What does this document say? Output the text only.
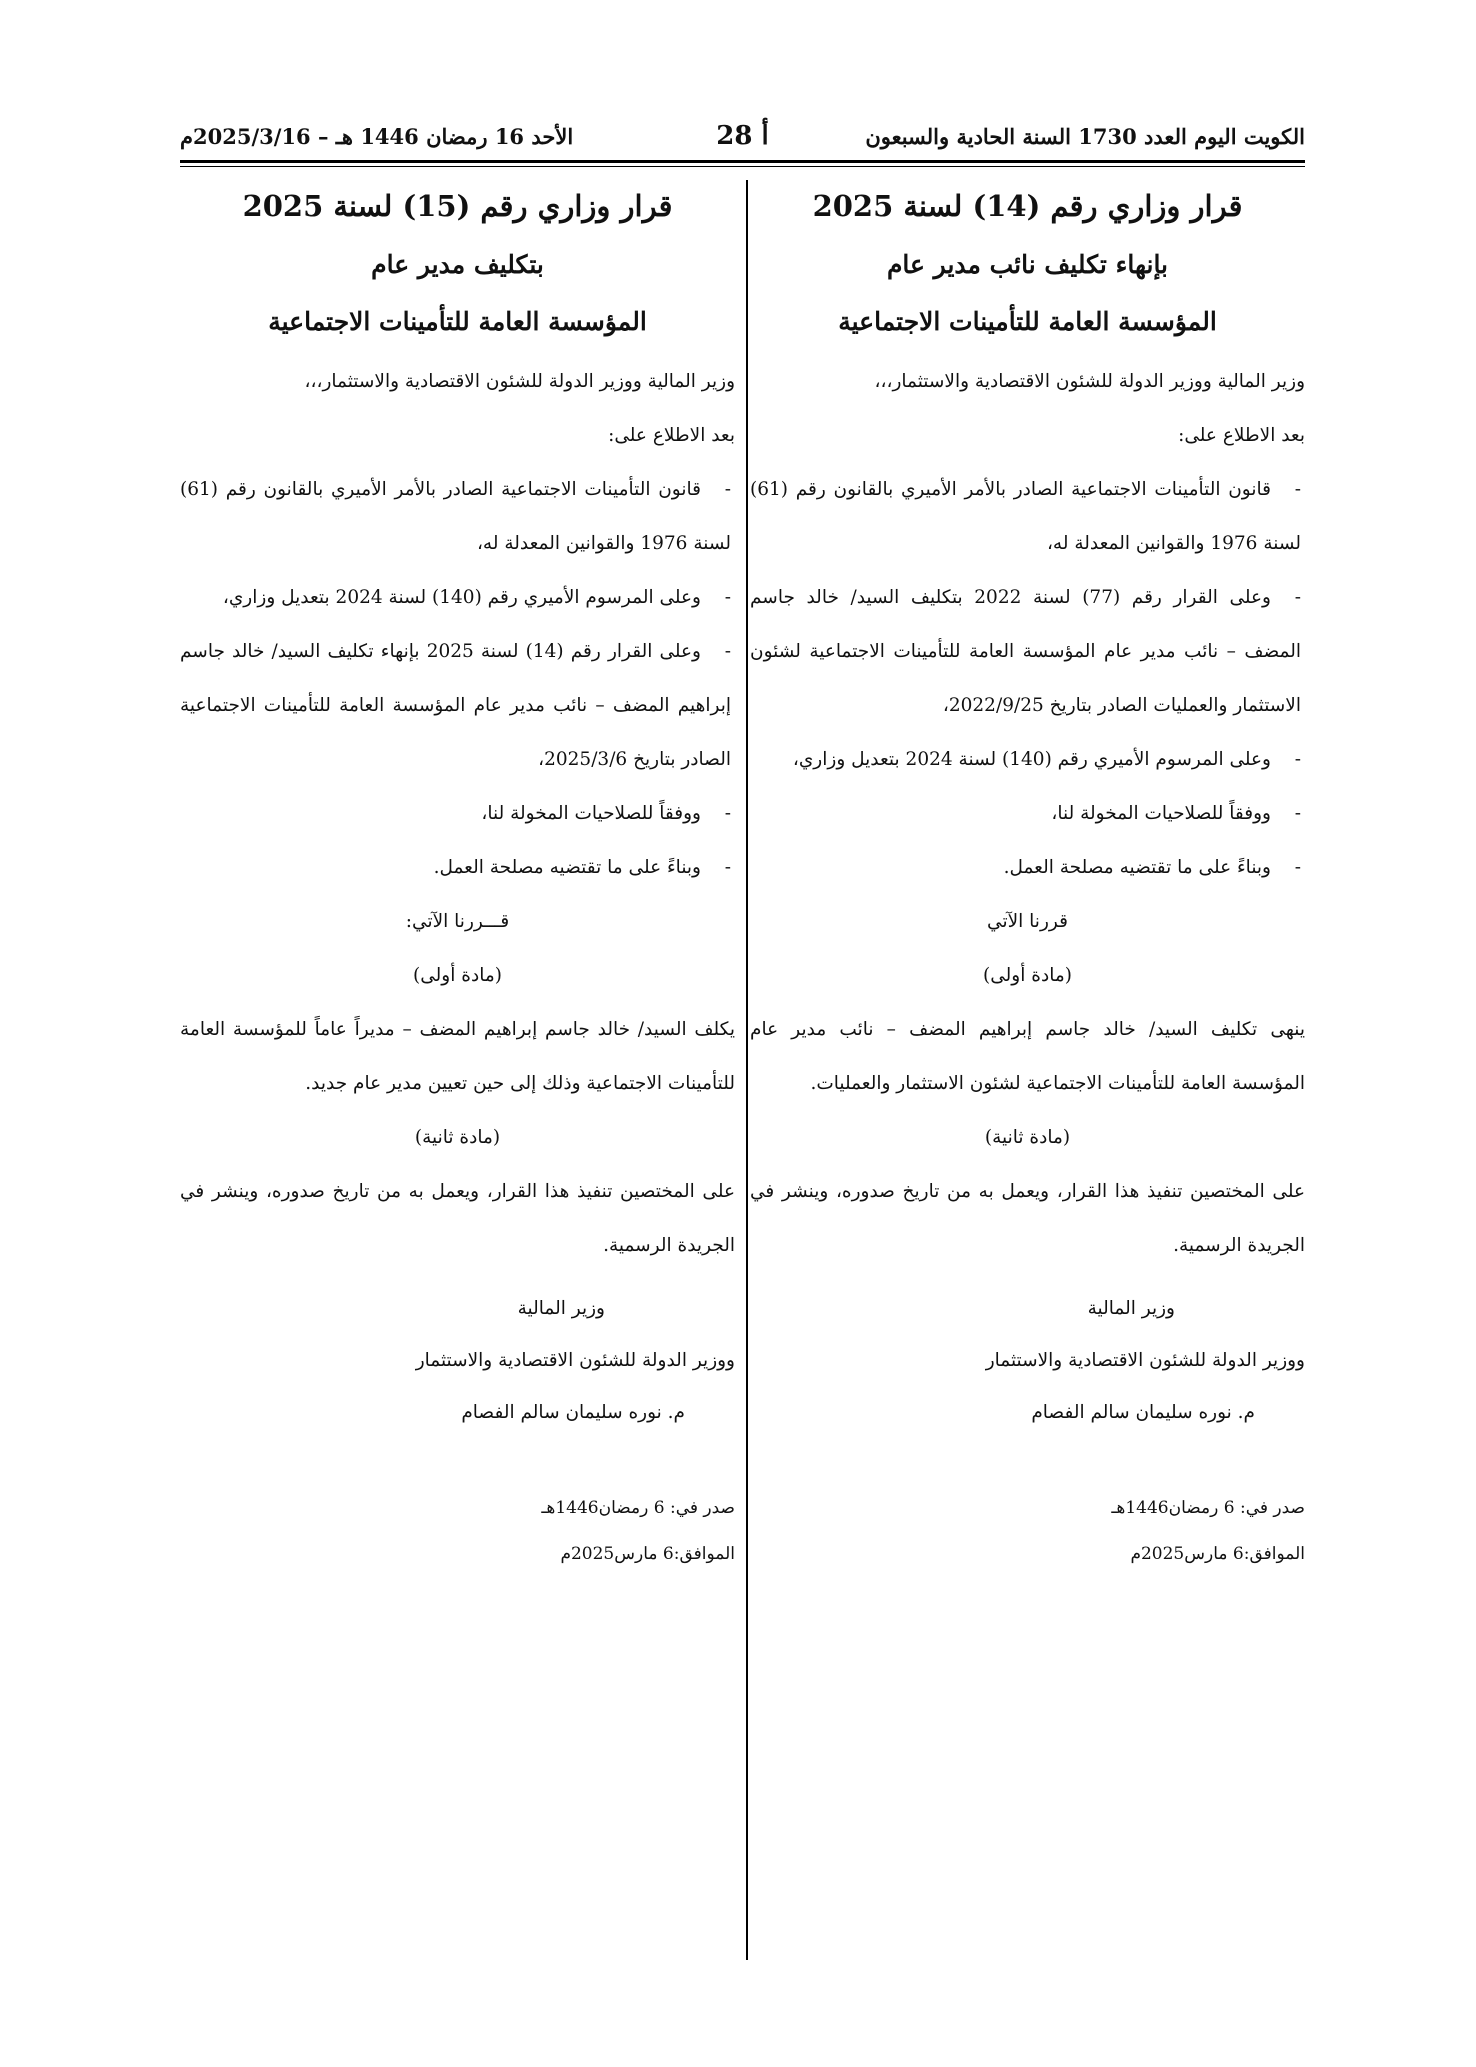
الكويت اليوم العدد 1730 السنة الحادية والسبعون
أ 28
الأحد 16 رمضان 1446 هـ – 2025/3/16م
قرار وزاري رقم (14) لسنة 2025
بإنهاء تكليف نائب مدير عام
المؤسسة العامة للتأمينات الاجتماعية

وزير المالية ووزير الدولة للشئون الاقتصادية والاستثمار،،،

بعد الاطلاع على:

-قانون التأمينات الاجتماعية الصادر بالأمر الأميري بالقانون رقم (61) لسنة 1976 والقوانين المعدلة له،

-وعلى القرار رقم (77) لسنة 2022 بتكليف السيد/ خالد جاسم المضف – نائب مدير عام المؤسسة العامة للتأمينات الاجتماعية لشئون الاستثمار والعمليات الصادر بتاريخ 2022/9/25،

-وعلى المرسوم الأميري رقم (140) لسنة 2024 بتعديل وزاري،

-ووفقاً للصلاحيات المخولة لنا،

-وبناءً على ما تقتضيه مصلحة العمل.

قررنا الآتي

(مادة أولى)

ينهى تكليف السيد/ خالد جاسم إبراهيم المضف – نائب مدير عام المؤسسة العامة للتأمينات الاجتماعية لشئون الاستثمار والعمليات.

(مادة ثانية)

على المختصين تنفيذ هذا القرار، ويعمل به من تاريخ صدوره، وينشر في الجريدة الرسمية.

وزير المالية

ووزير الدولة للشئون الاقتصادية والاستثمار

م. نوره سليمان سالم الفصام

صدر في: 6 رمضان1446هـ
الموافق:6 مارس2025م
قرار وزاري رقم (15) لسنة 2025
بتكليف مدير عام
المؤسسة العامة للتأمينات الاجتماعية

وزير المالية ووزير الدولة للشئون الاقتصادية والاستثمار،،،

بعد الاطلاع على:

-قانون التأمينات الاجتماعية الصادر بالأمر الأميري بالقانون رقم (61) لسنة 1976 والقوانين المعدلة له،

-وعلى المرسوم الأميري رقم (140) لسنة 2024 بتعديل وزاري،

-وعلى القرار رقم (14) لسنة 2025 بإنهاء تكليف السيد/ خالد جاسم إبراهيم المضف – نائب مدير عام المؤسسة العامة للتأمينات الاجتماعية الصادر بتاريخ 2025/3/6،

-ووفقاً للصلاحيات المخولة لنا،

-وبناءً على ما تقتضيه مصلحة العمل.

قـــررنا الآتي:

(مادة أولى)

يكلف السيد/ خالد جاسم إبراهيم المضف – مديراً عاماً للمؤسسة العامة للتأمينات الاجتماعية وذلك إلى حين تعيين مدير عام جديد.

(مادة ثانية)

على المختصين تنفيذ هذا القرار، ويعمل به من تاريخ صدوره، وينشر في الجريدة الرسمية.

وزير المالية

ووزير الدولة للشئون الاقتصادية والاستثمار

م. نوره سليمان سالم الفصام

صدر في: 6 رمضان1446هـ
الموافق:6 مارس2025م
